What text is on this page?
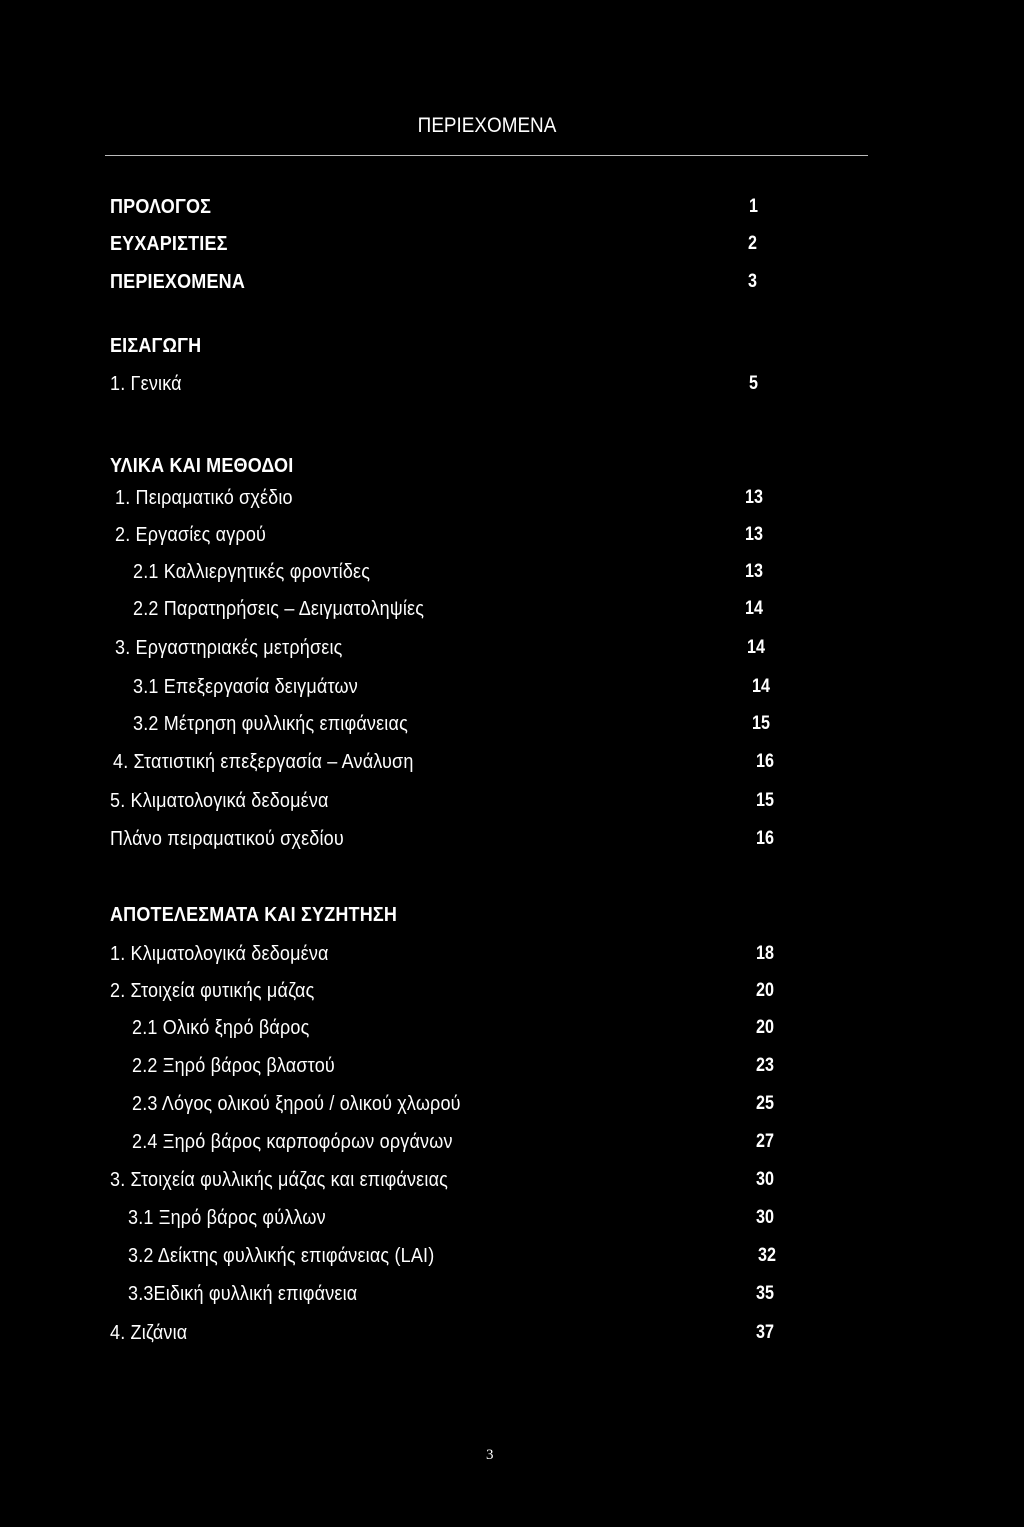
ΠΕΡΙΕΧΟΜΕΝΑ
ΠΡΟΛΟΓΟΣ	1
ΕΥΧΑΡΙΣΤΙΕΣ	2
ΠΕΡΙΕΧΟΜΕΝΑ	3
ΕΙΣΑΓΩΓΗ
1. Γενικά	5
ΥΛΙΚΑ ΚΑΙ ΜΕΘΟΔΟΙ
1. Πειραματικό σχέδιο	13
2. Εργασίες αγρού	13
2.1 Καλλιεργητικές φροντίδες	13
2.2 Παρατηρήσεις – Δειγματοληψίες	14
3. Εργαστηριακές μετρήσεις	14
3.1 Επεξεργασία δειγμάτων	14
3.2 Μέτρηση φυλλικής επιφάνειας	15
4. Στατιστική επεξεργασία – Ανάλυση	16
5. Κλιματολογικά δεδομένα	15
Πλάνο πειραματικού σχεδίου	16
ΑΠΟΤΕΛΕΣΜΑΤΑ ΚΑΙ ΣΥΖΗΤΗΣΗ
1. Κλιματολογικά δεδομένα	18
2. Στοιχεία φυτικής μάζας	20
2.1 Ολικό ξηρό βάρος	20
2.2 Ξηρό βάρος βλαστού	23
2.3 Λόγος ολικού ξηρού / ολικού χλωρού	25
2.4 Ξηρό βάρος καρποφόρων οργάνων	27
3. Στοιχεία φυλλικής μάζας και επιφάνειας	30
3.1 Ξηρό βάρος φύλλων	30
3.2 Δείκτης φυλλικής επιφάνειας (LAI)	32
3.3Ειδική φυλλική επιφάνεια	35
4. Ζιζάνια	37
3
